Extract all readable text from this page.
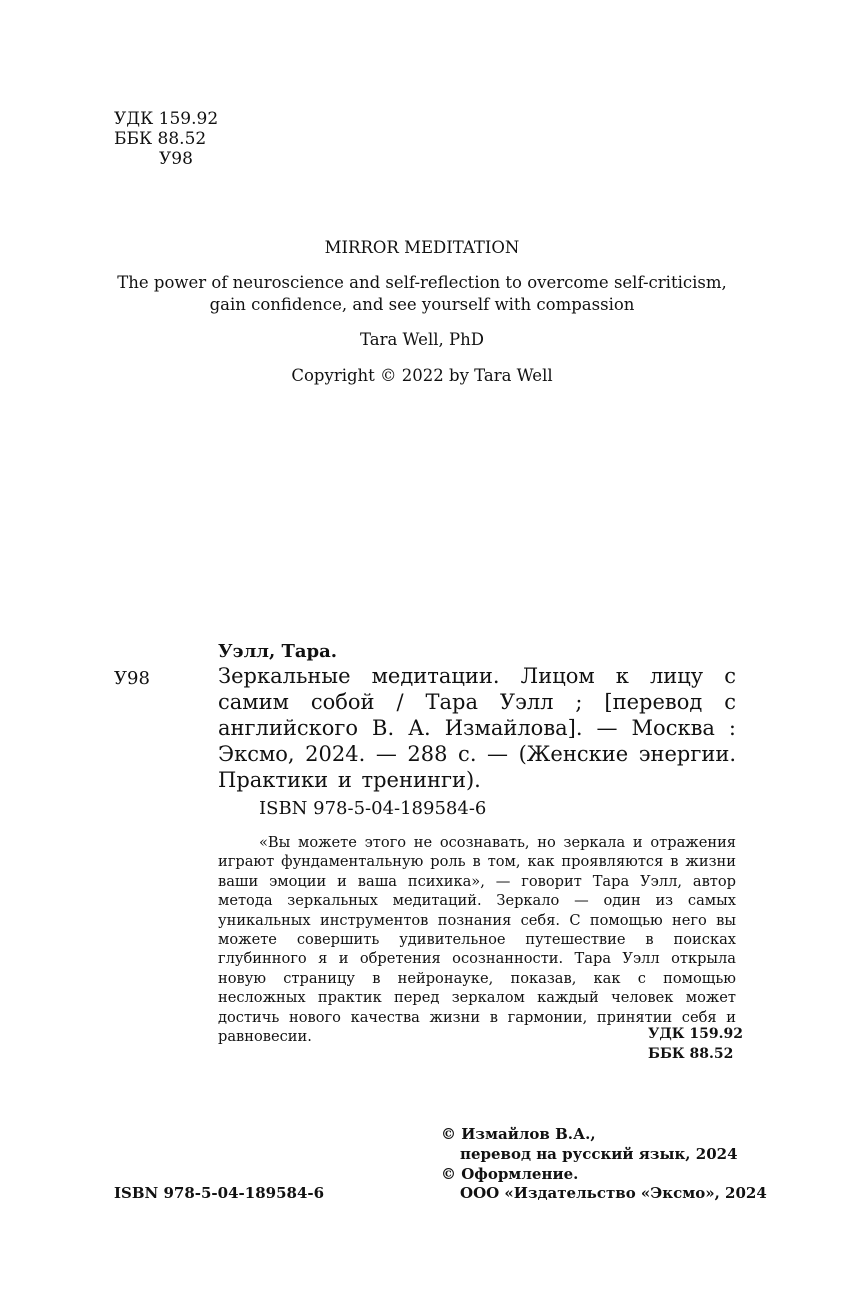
УДК 159.92
ББК 88.52
У98
MIRROR MEDITATION
The power of neuroscience and self-reflection to overcome self-criticism,
gain confidence, and see yourself with compassion
Tara Well, PhD
Copyright © 2022 by Tara Well
Уэлл, Тара.
У98	Зеркальные медитации. Лицом к лицу с самим собой / Тара Уэлл ; [перевод с английского В. А. Измайлова]. — Москва : Эксмо, 2024. — 288 с. — (Женские энергии. Практики и тренинги).
ISBN 978-5-04-189584-6
«Вы можете этого не осознавать, но зеркала и отражения играют фундаментальную роль в том, как проявляются в жизни ваши эмоции и ваша психика», — говорит Тара Уэлл, автор метода зеркальных медитаций. Зеркало — один из самых уникальных инструментов познания себя. С помощью него вы можете совершить удивительное путешествие в поисках глубинного я и обретения осознанности. Тара Уэлл открыла новую страницу в нейронауке, показав, как с помощью несложных практик перед зеркалом каждый человек может достичь нового качества жизни в гармонии, принятии себя и равновесии.	УДК 159.92
ББК 88.52
© Измайлов В.А.,
перевод на русский язык, 2024
© Оформление.
ISBN 978-5-04-189584-6	ООО «Издательство «Эксмо», 2024
